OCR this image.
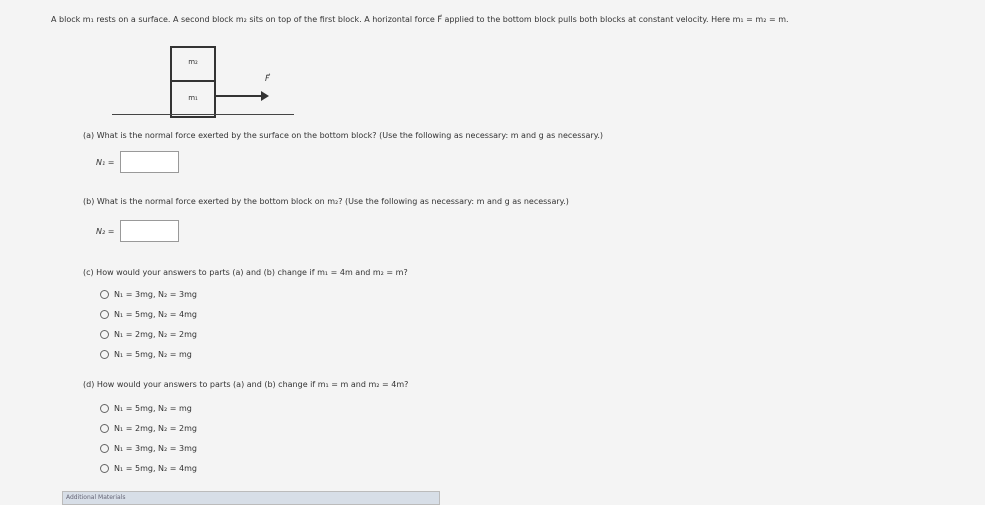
A block m₁ rests on a surface. A second block m₂ sits on top of the first block. A horizontal force F⃗ applied to the bottom block pulls both blocks at constant velocity. Here m₁ = m₂ = m.
m₂
m₁
F⃗
(a) What is the normal force exerted by the surface on the bottom block? (Use the following as necessary: m and g as necessary.)
N₁ =
(b) What is the normal force exerted by the bottom block on m₂? (Use the following as necessary: m and g as necessary.)
N₂ =
(c) How would your answers to parts (a) and (b) change if m₁ = 4m and m₂ = m?
N₁ = 3mg, N₂ = 3mg
N₁ = 5mg, N₂ = 4mg
N₁ = 2mg, N₂ = 2mg
N₁ = 5mg, N₂ = mg
(d) How would your answers to parts (a) and (b) change if m₁ = m and m₂ = 4m?
N₁ = 5mg, N₂ = mg
N₁ = 2mg, N₂ = 2mg
N₁ = 3mg, N₂ = 3mg
N₁ = 5mg, N₂ = 4mg
Additional Materials
